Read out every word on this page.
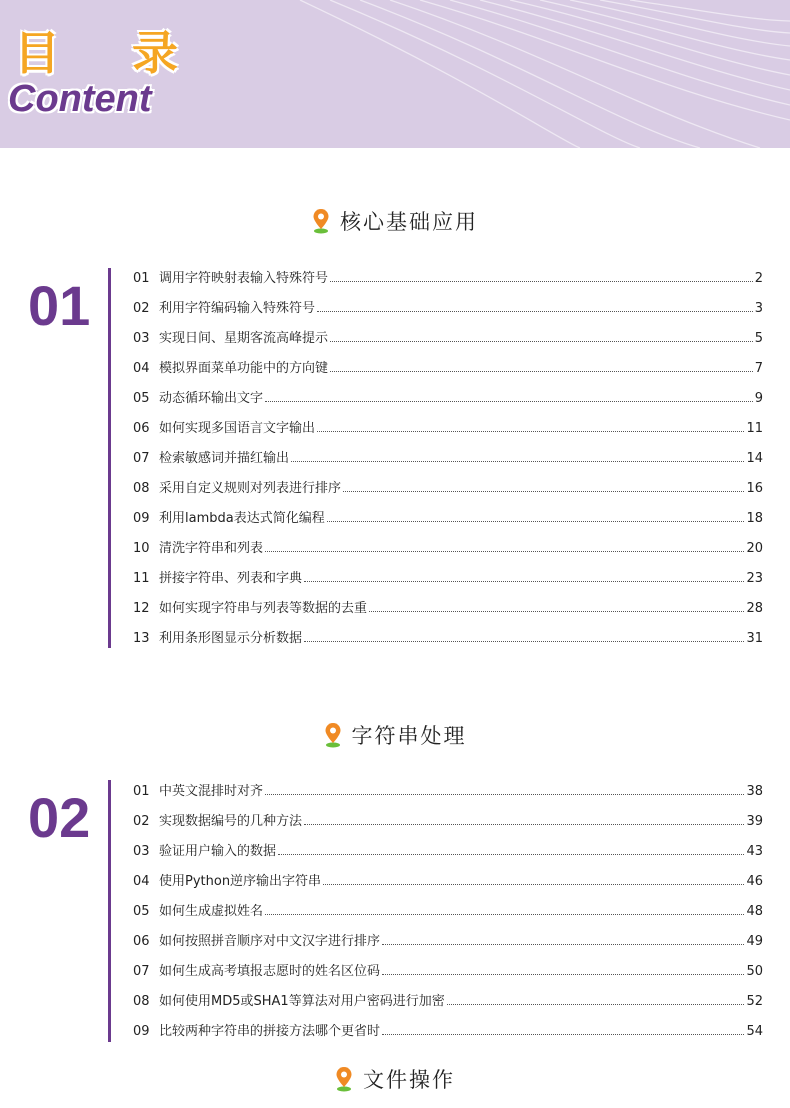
目 录
Content
核心基础应用
01	01 调用字符映射表输入特殊符号	2
02 利用字符编码输入特殊符号	3
03 实现日间、星期客流高峰提示	5
04 模拟界面菜单功能中的方向键	7
05 动态循环输出文字	9
06 如何实现多国语言文字输出	11
07 检索敏感词并描红输出	14
08 采用自定义规则对列表进行排序	16
09 利用lambda表达式简化编程	18
10 清洗字符串和列表	20
11 拼接字符串、列表和字典	23
12 如何实现字符串与列表等数据的去重	28
13 利用条形图显示分析数据	31
字符串处理
02	01 中英文混排时对齐	38
02 实现数据编号的几种方法	39
03 验证用户输入的数据	43
04 使用Python逆序输出字符串	46
05 如何生成虚拟姓名	48
06 如何按照拼音顺序对中文汉字进行排序	49
07 如何生成高考填报志愿时的姓名区位码	50
08 如何使用MD5或SHA1等算法对用户密码进行加密	52
09 比较两种字符串的拼接方法哪个更省时	54
文件操作
